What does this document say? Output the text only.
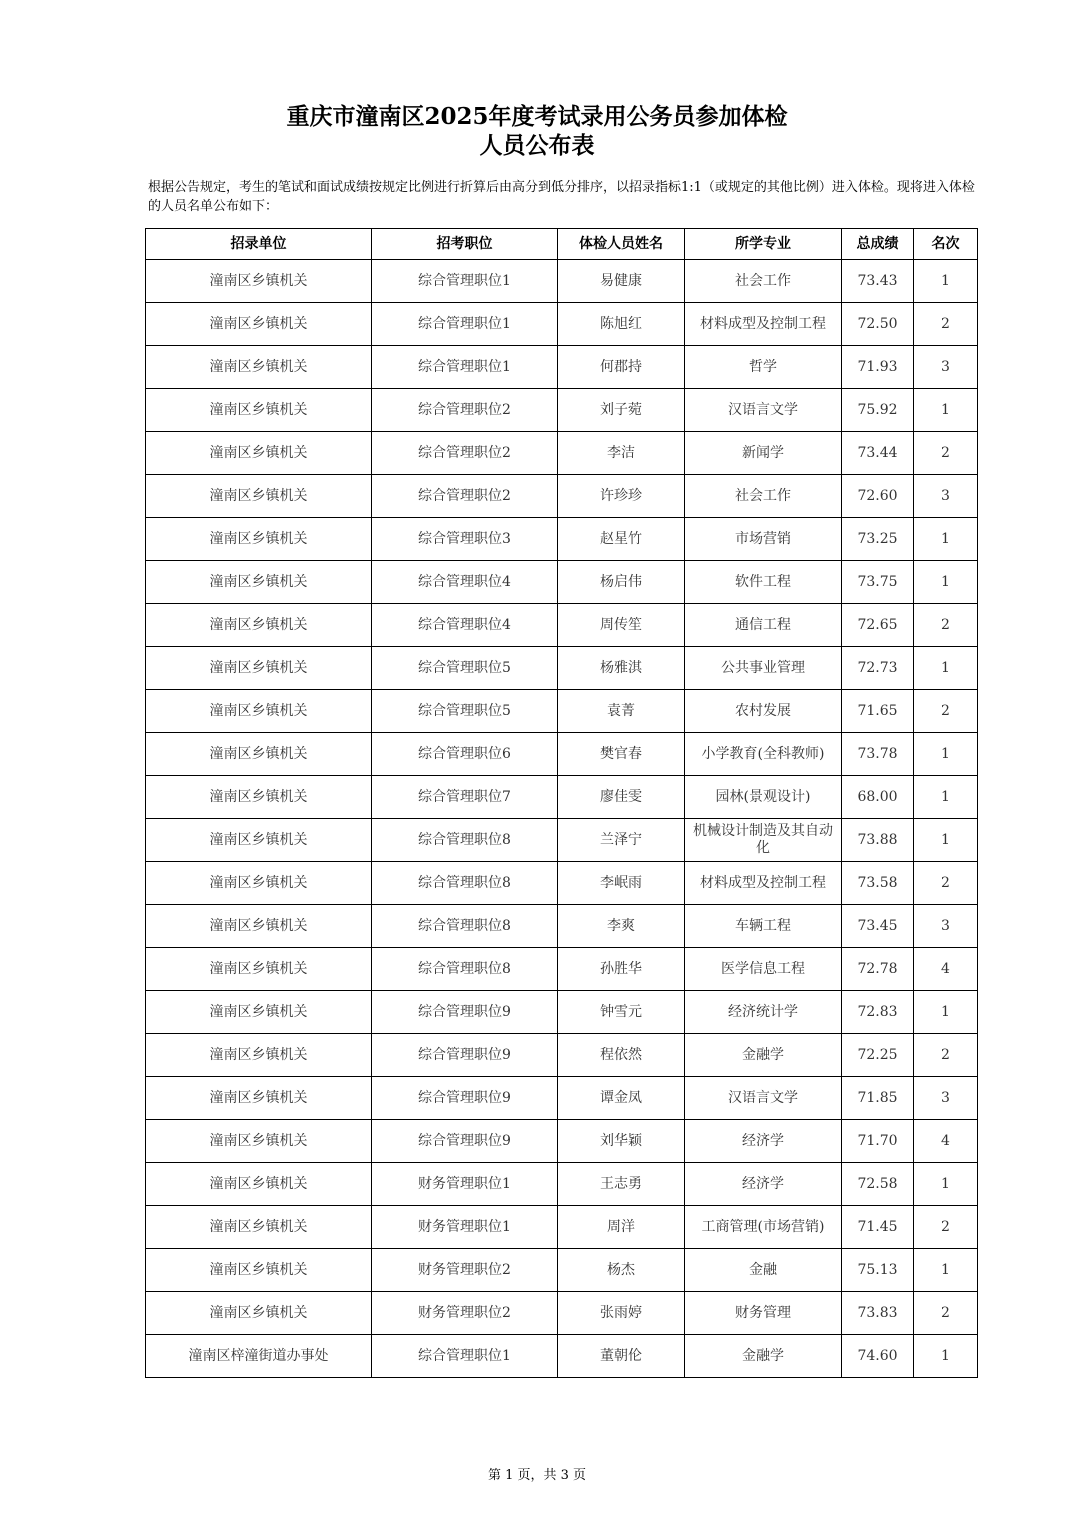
重庆市潼南区2025年度考试录用公务员参加体检
人员公布表
根据公告规定，考生的笔试和面试成绩按规定比例进行折算后由高分到低分排序，以招录指标1:1（或规定的其他比例）进入体检。现将进入体检的人员名单公布如下：
招录单位	招考职位	体检人员姓名	所学专业	总成绩	名次
潼南区乡镇机关	综合管理职位1	易健康	社会工作	73.43	1
潼南区乡镇机关	综合管理职位1	陈旭红	材料成型及控制工程	72.50	2
潼南区乡镇机关	综合管理职位1	何郡持	哲学	71.93	3
潼南区乡镇机关	综合管理职位2	刘子菀	汉语言文学	75.92	1
潼南区乡镇机关	综合管理职位2	李洁	新闻学	73.44	2
潼南区乡镇机关	综合管理职位2	许珍珍	社会工作	72.60	3
潼南区乡镇机关	综合管理职位3	赵星竹	市场营销	73.25	1
潼南区乡镇机关	综合管理职位4	杨启伟	软件工程	73.75	1
潼南区乡镇机关	综合管理职位4	周传笙	通信工程	72.65	2
潼南区乡镇机关	综合管理职位5	杨雅淇	公共事业管理	72.73	1
潼南区乡镇机关	综合管理职位5	袁菁	农村发展	71.65	2
潼南区乡镇机关	综合管理职位6	樊官春	小学教育(全科教师)	73.78	1
潼南区乡镇机关	综合管理职位7	廖佳雯	园林(景观设计)	68.00	1
潼南区乡镇机关	综合管理职位8	兰泽宁	机械设计制造及其自动化	73.88	1
潼南区乡镇机关	综合管理职位8	李岷雨	材料成型及控制工程	73.58	2
潼南区乡镇机关	综合管理职位8	李爽	车辆工程	73.45	3
潼南区乡镇机关	综合管理职位8	孙胜华	医学信息工程	72.78	4
潼南区乡镇机关	综合管理职位9	钟雪元	经济统计学	72.83	1
潼南区乡镇机关	综合管理职位9	程依然	金融学	72.25	2
潼南区乡镇机关	综合管理职位9	谭金凤	汉语言文学	71.85	3
潼南区乡镇机关	综合管理职位9	刘华颖	经济学	71.70	4
潼南区乡镇机关	财务管理职位1	王志勇	经济学	72.58	1
潼南区乡镇机关	财务管理职位1	周洋	工商管理(市场营销)	71.45	2
潼南区乡镇机关	财务管理职位2	杨杰	金融	75.13	1
潼南区乡镇机关	财务管理职位2	张雨婷	财务管理	73.83	2
潼南区梓潼街道办事处	综合管理职位1	董朝伦	金融学	74.60	1
第 1 页，共 3 页
